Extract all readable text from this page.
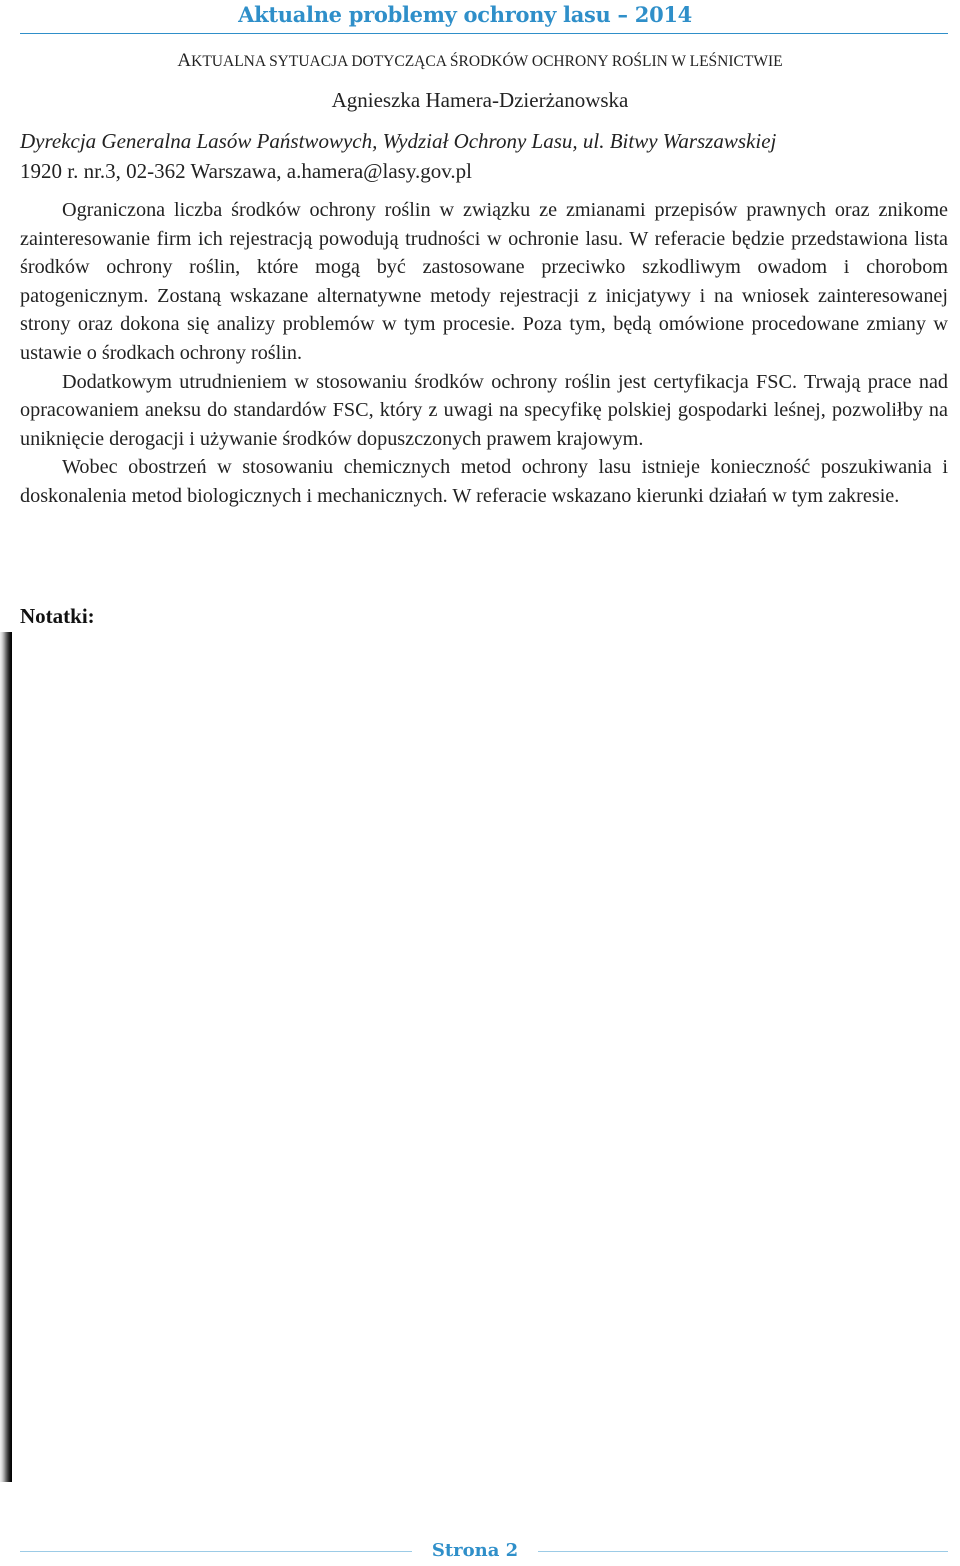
Aktualne problemy ochrony lasu – 2014
AKTUALNA SYTUACJA DOTYCZĄCA ŚRODKÓW OCHRONY ROŚLIN W LEŚNICTWIE
Agnieszka Hamera-Dzierżanowska
Dyrekcja Generalna Lasów Państwowych, Wydział Ochrony Lasu, ul. Bitwy Warszawskiej
1920 r. nr.3, 02-362 Warszawa, a.hamera@lasy.gov.pl

Ograniczona liczba środków ochrony roślin w związku ze zmianami przepisów prawnych oraz znikome zainteresowanie firm ich rejestracją powodują trudności w ochronie lasu. W referacie będzie przedstawiona lista środków ochrony roślin, które mogą być zastosowane przeciwko szkodliwym owadom i chorobom patogenicznym. Zostaną wskazane alternatywne metody rejestracji z inicjatywy i na wniosek zainteresowanej strony oraz dokona się analizy problemów w tym procesie. Poza tym, będą omówione procedowane zmiany w ustawie o środkach ochrony roślin.

Dodatkowym utrudnieniem w stosowaniu środków ochrony roślin jest certyfikacja FSC. Trwają prace nad opracowaniem aneksu do standardów FSC, który z uwagi na specyfikę polskiej gospodarki leśnej, pozwoliłby na uniknięcie derogacji i używanie środków dopuszczonych prawem krajowym.

Wobec obostrzeń w stosowaniu chemicznych metod ochrony lasu istnieje konieczność poszukiwania i doskonalenia metod biologicznych i mechanicznych. W referacie wskazano kierunki działań w tym zakresie.

Notatki:
Strona 2
